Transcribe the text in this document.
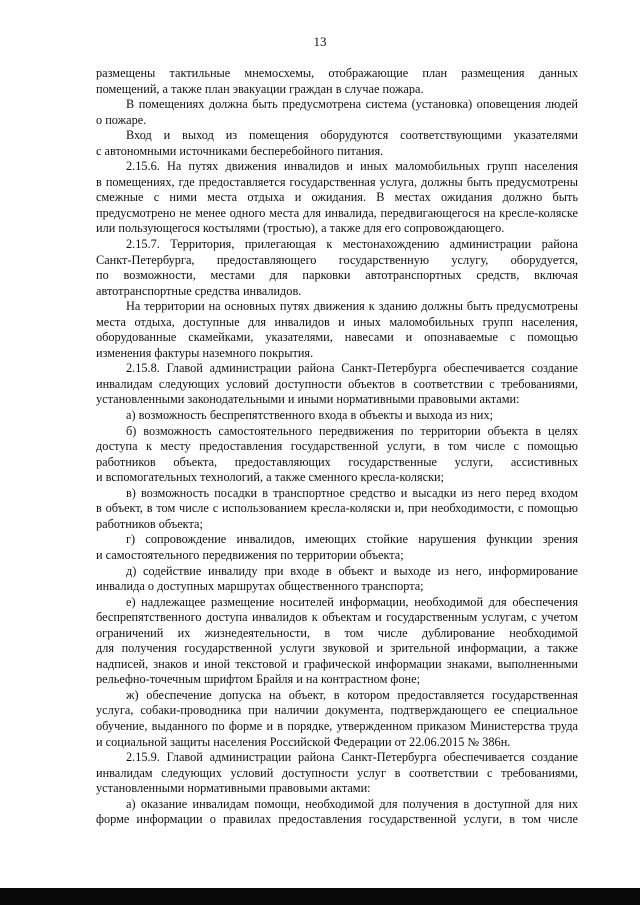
13
размещены тактильные мнемосхемы, отображающие план размещения данных
помещений, а также план эвакуации граждан в случае пожара.
В помещениях должна быть предусмотрена система (установка) оповещения людей
о пожаре.
Вход и выход из помещения оборудуются соответствующими указателями
с автономными источниками бесперебойного питания.
2.15.6. На путях движения инвалидов и иных маломобильных групп населения
в помещениях, где предоставляется государственная услуга, должны быть предусмотрены
смежные с ними места отдыха и ожидания. В местах ожидания должно быть
предусмотрено не менее одного места для инвалида, передвигающегося на кресле-коляске
или пользующегося костылями (тростью), а также для его сопровождающего.
2.15.7. Территория, прилегающая к местонахождению администрации района
Санкт-Петербурга, предоставляющего государственную услугу, оборудуется,
по возможности, местами для парковки автотранспортных средств, включая
автотранспортные средства инвалидов.
На территории на основных путях движения к зданию должны быть предусмотрены
места отдыха, доступные для инвалидов и иных маломобильных групп населения,
оборудованные скамейками, указателями, навесами и опознаваемые с помощью
изменения фактуры наземного покрытия.
2.15.8. Главой администрации района Санкт-Петербурга обеспечивается создание
инвалидам следующих условий доступности объектов в соответствии с требованиями,
установленными законодательными и иными нормативными правовыми актами:
а) возможность беспрепятственного входа в объекты и выхода из них;
б) возможность самостоятельного передвижения по территории объекта в целях
доступа к месту предоставления государственной услуги, в том числе с помощью
работников объекта, предоставляющих государственные услуги, ассистивных
и вспомогательных технологий, а также сменного кресла-коляски;
в) возможность посадки в транспортное средство и высадки из него перед входом
в объект, в том числе с использованием кресла-коляски и, при необходимости, с помощью
работников объекта;
г) сопровождение инвалидов, имеющих стойкие нарушения функции зрения
и самостоятельного передвижения по территории объекта;
д) содействие инвалиду при входе в объект и выходе из него, информирование
инвалида о доступных маршрутах общественного транспорта;
е) надлежащее размещение носителей информации, необходимой для обеспечения
беспрепятственного доступа инвалидов к объектам и государственным услугам, с учетом
ограничений их жизнедеятельности, в том числе дублирование необходимой
для получения государственной услуги звуковой и зрительной информации, а также
надписей, знаков и иной текстовой и графической информации знаками, выполненными
рельефно-точечным шрифтом Брайля и на контрастном фоне;
ж) обеспечение допуска на объект, в котором предоставляется государственная
услуга, собаки-проводника при наличии документа, подтверждающего ее специальное
обучение, выданного по форме и в порядке, утвержденном приказом Министерства труда
и социальной защиты населения Российской Федерации от 22.06.2015 № 386н.
2.15.9. Главой администрации района Санкт-Петербурга обеспечивается создание
инвалидам следующих условий доступности услуг в соответствии с требованиями,
установленными нормативными правовыми актами:
а) оказание инвалидам помощи, необходимой для получения в доступной для них
форме информации о правилах предоставления государственной услуги, в том числе
